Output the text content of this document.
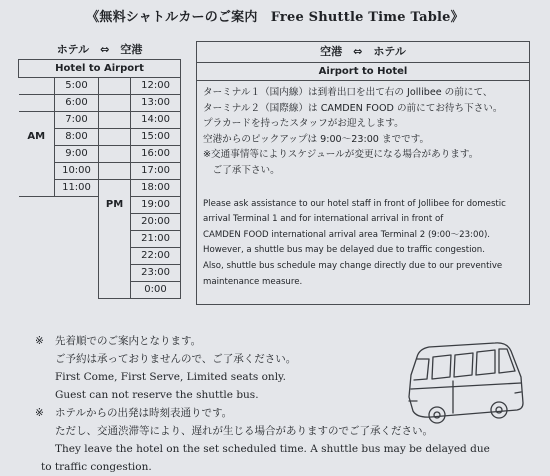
《無料シャトルカーのご案内　Free Shuttle Time Table》
ホテル　⇔　空港			
Hotel to Airport			
	5:00		12:00
	6:00		13:00
	7:00		14:00
AM	8:00		15:00
	9:00		16:00
	10:00		17:00
	11:00		18:00
		PM	19:00
			20:00
			21:00
			22:00
			23:00
			0:00
空港　⇔　ホテル
Airport to Hotel
ターミナル１（国内線）は到着出口を出て右の Jollibee の前にて、
ターミナル２（国際線）は CAMDEN FOOD の前にてお待ち下さい。
プラカードを持ったスタッフがお迎えします。
空港からのピックアップは 9:00～23:00 までです。
※交通事情等によりスケジュールが変更になる場合があります。
　ご了承下さい。
Please ask assistance to our hotel staff in front of Jollibee for domestic
arrival Terminal 1 and for international arrival in front of
CAMDEN FOOD international arrival area Terminal 2 (9:00～23:00).
However, a shuttle bus may be delayed due to traffic congestion.
Also, shuttle bus schedule may change directly due to our preventive
maintenance measure.
※ 先着順でのご案内となります。
ご予約は承っておりませんので、ご了承ください。
First Come, First Serve, Limited seats only.
Guest can not reserve the shuttle bus.
※ ホテルからの出発は時刻表通りです。
ただし、交通渋滞等により、遅れが生じる場合がありますのでご了承ください。
They leave the hotel on the set scheduled time. A shuttle bus may be delayed due
to traffic congestion.
